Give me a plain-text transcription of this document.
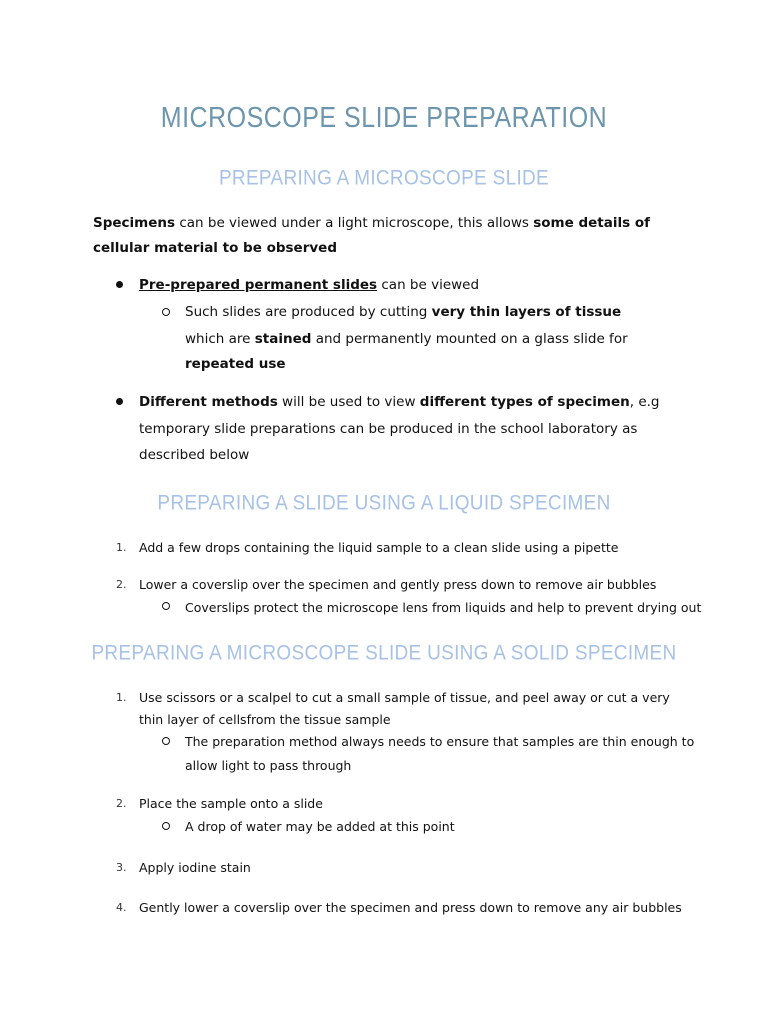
MICROSCOPE SLIDE PREPARATION
PREPARING A MICROSCOPE SLIDE
Specimens can be viewed under a light microscope, this allows some details of
cellular material to be observed
Pre-prepared permanent slides can be viewed
Such slides are produced by cutting very thin layers of tissue
which are stained and permanently mounted on a glass slide for
repeated use
Different methods will be used to view different types of specimen, e.g
temporary slide preparations can be produced in the school laboratory as
described below
PREPARING A SLIDE USING A LIQUID SPECIMEN
1. Add a few drops containing the liquid sample to a clean slide using a pipette
2. Lower a coverslip over the specimen and gently press down to remove air bubbles
Coverslips protect the microscope lens from liquids and help to prevent drying out
PREPARING A MICROSCOPE SLIDE USING A SOLID SPECIMEN
1. Use scissors or a scalpel to cut a small sample of tissue, and peel away or cut a very
thin layer of cellsfrom the tissue sample
The preparation method always needs to ensure that samples are thin enough to
allow light to pass through
2. Place the sample onto a slide
A drop of water may be added at this point
3. Apply iodine stain
4. Gently lower a coverslip over the specimen and press down to remove any air bubbles
